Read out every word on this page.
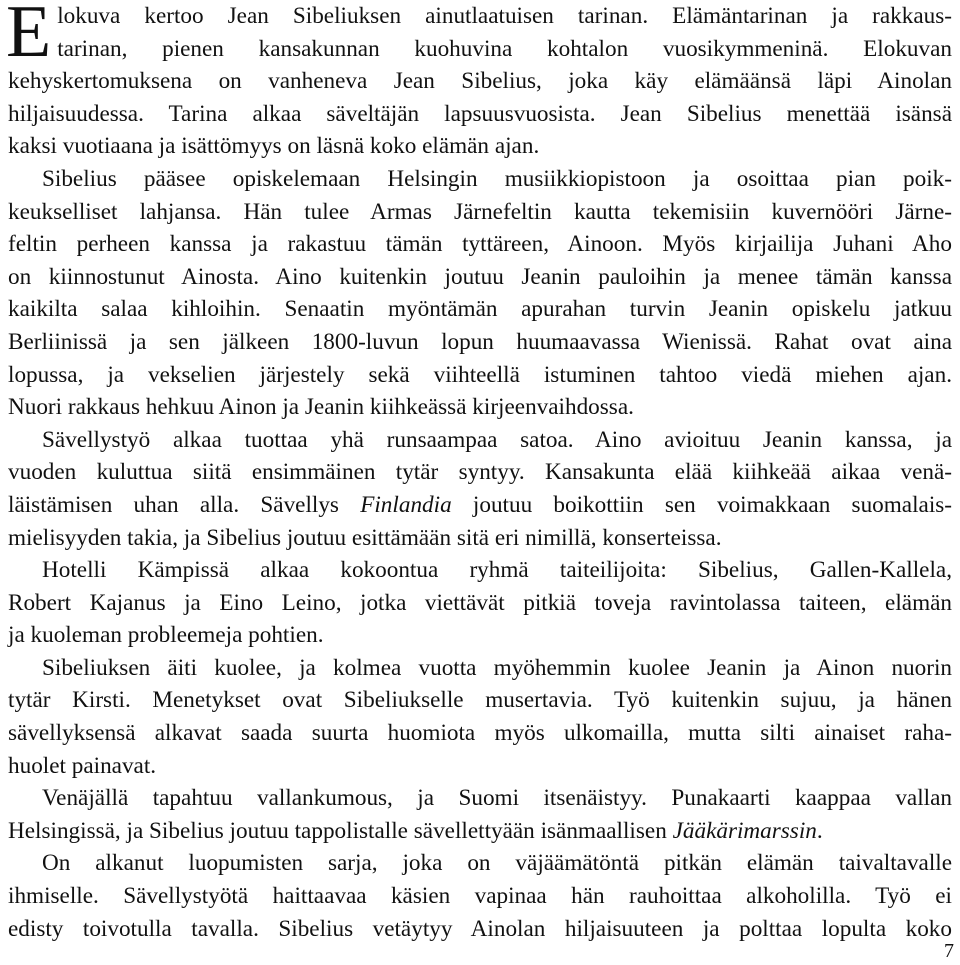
E lokuva kertoo Jean Sibeliuksen ainutlaatuisen tarinan. Elämäntarinan ja rakkaus-
tarinan, pienen kansakunnan kuohuvina kohtalon vuosikymmeninä. Elokuvan
kehyskertomuksena on vanheneva Jean Sibelius, joka käy elämäänsä läpi Ainolan
hiljaisuudessa. Tarina alkaa säveltäjän lapsuusvuosista. Jean Sibelius menettää isänsä
kaksi vuotiaana ja isättömyys on läsnä koko elämän ajan.

Sibelius pääsee opiskelemaan Helsingin musiikkiopistoon ja osoittaa pian poik-
keukselliset lahjansa. Hän tulee Armas Järnefeltin kautta tekemisiin kuvernööri Järne-
feltin perheen kanssa ja rakastuu tämän tyttäreen, Ainoon. Myös kirjailija Juhani Aho
on kiinnostunut Ainosta. Aino kuitenkin joutuu Jeanin pauloihin ja menee tämän kanssa
kaikilta salaa kihloihin. Senaatin myöntämän apurahan turvin Jeanin opiskelu jatkuu
Berliinissä ja sen jälkeen 1800-luvun lopun huumaavassa Wienissä. Rahat ovat aina
lopussa, ja vekselien järjestely sekä viihteellä istuminen tahtoo viedä miehen ajan.
Nuori rakkaus hehkuu Ainon ja Jeanin kiihkeässä kirjeenvaihdossa.

Sävellystyö alkaa tuottaa yhä runsaampaa satoa. Aino avioituu Jeanin kanssa, ja
vuoden kuluttua siitä ensimmäinen tytär syntyy. Kansakunta elää kiihkeää aikaa venä-
läistämisen uhan alla. Sävellys Finlandia joutuu boikottiin sen voimakkaan suomalais-
mielisyyden takia, ja Sibelius joutuu esittämään sitä eri nimillä, konserteissa.

Hotelli Kämpissä alkaa kokoontua ryhmä taiteilijoita: Sibelius, Gallen-Kallela,
Robert Kajanus ja Eino Leino, jotka viettävät pitkiä toveja ravintolassa taiteen, elämän
ja kuoleman probleemeja pohtien.

Sibeliuksen äiti kuolee, ja kolmea vuotta myöhemmin kuolee Jeanin ja Ainon nuorin
tytär Kirsti. Menetykset ovat Sibeliukselle musertavia. Työ kuitenkin sujuu, ja hänen
sävellyksensä alkavat saada suurta huomiota myös ulkomailla, mutta silti ainaiset raha-
huolet painavat.

Venäjällä tapahtuu vallankumous, ja Suomi itsenäistyy. Punakaarti kaappaa vallan
Helsingissä, ja Sibelius joutuu tappolistalle sävellettyään isänmaallisen Jääkärimarssin.

On alkanut luopumisten sarja, joka on väjäämätöntä pitkän elämän taivaltavalle
ihmiselle. Sävellystyötä haittaavaa käsien vapinaa hän rauhoittaa alkoholilla. Työ ei
edisty toivotulla tavalla. Sibelius vetäytyy Ainolan hiljaisuuteen ja polttaa lopulta koko

7
